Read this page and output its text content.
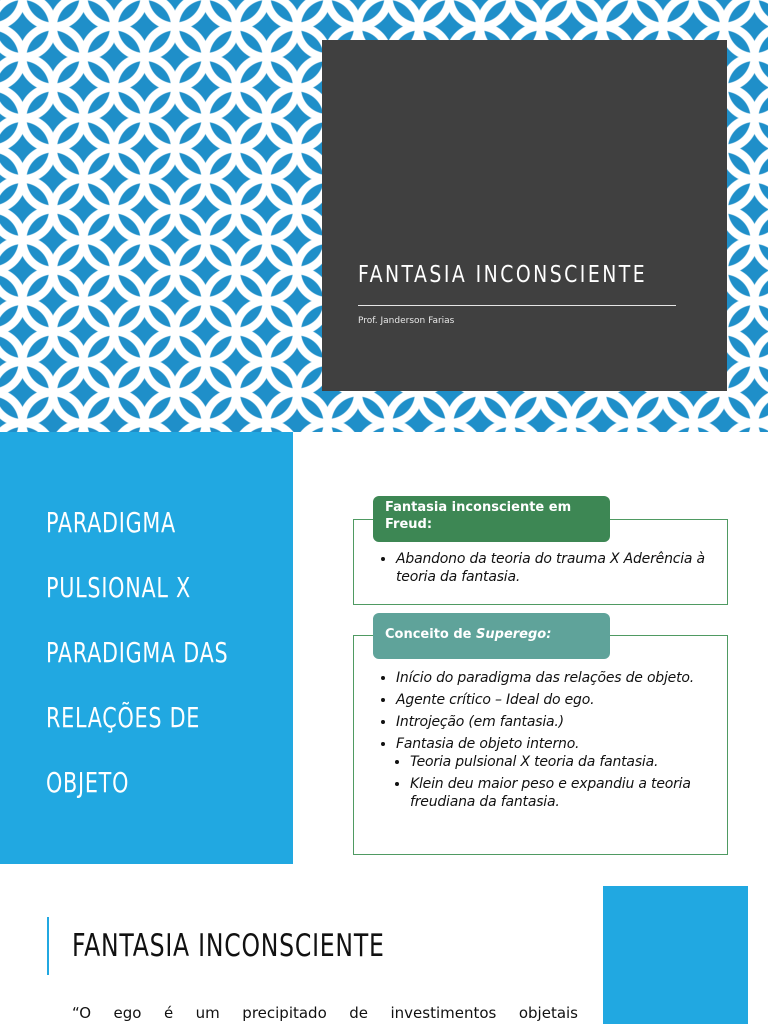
FANTASIA INCONSCIENTE

Prof. Janderson Farias

PARADIGMA
PULSIONAL X
PARADIGMA DAS
RELAÇÕES DE
OBJETO
• Abandono da teoria do trauma X Aderência à teoria da fantasia.
Fantasia inconsciente em
Freud:
• Início do paradigma das relações de objeto.
• Agente crítico – Ideal do ego.
• Introjeção (em fantasia.)
• Fantasia de objeto interno.
• Teoria pulsional X teoria da fantasia.
• Klein deu maior peso e expandiu a teoria freudiana da fantasia.
Conceito de Superego:
FANTASIA INCONSCIENTE

“O ego é um precipitado de investimentos objetais
